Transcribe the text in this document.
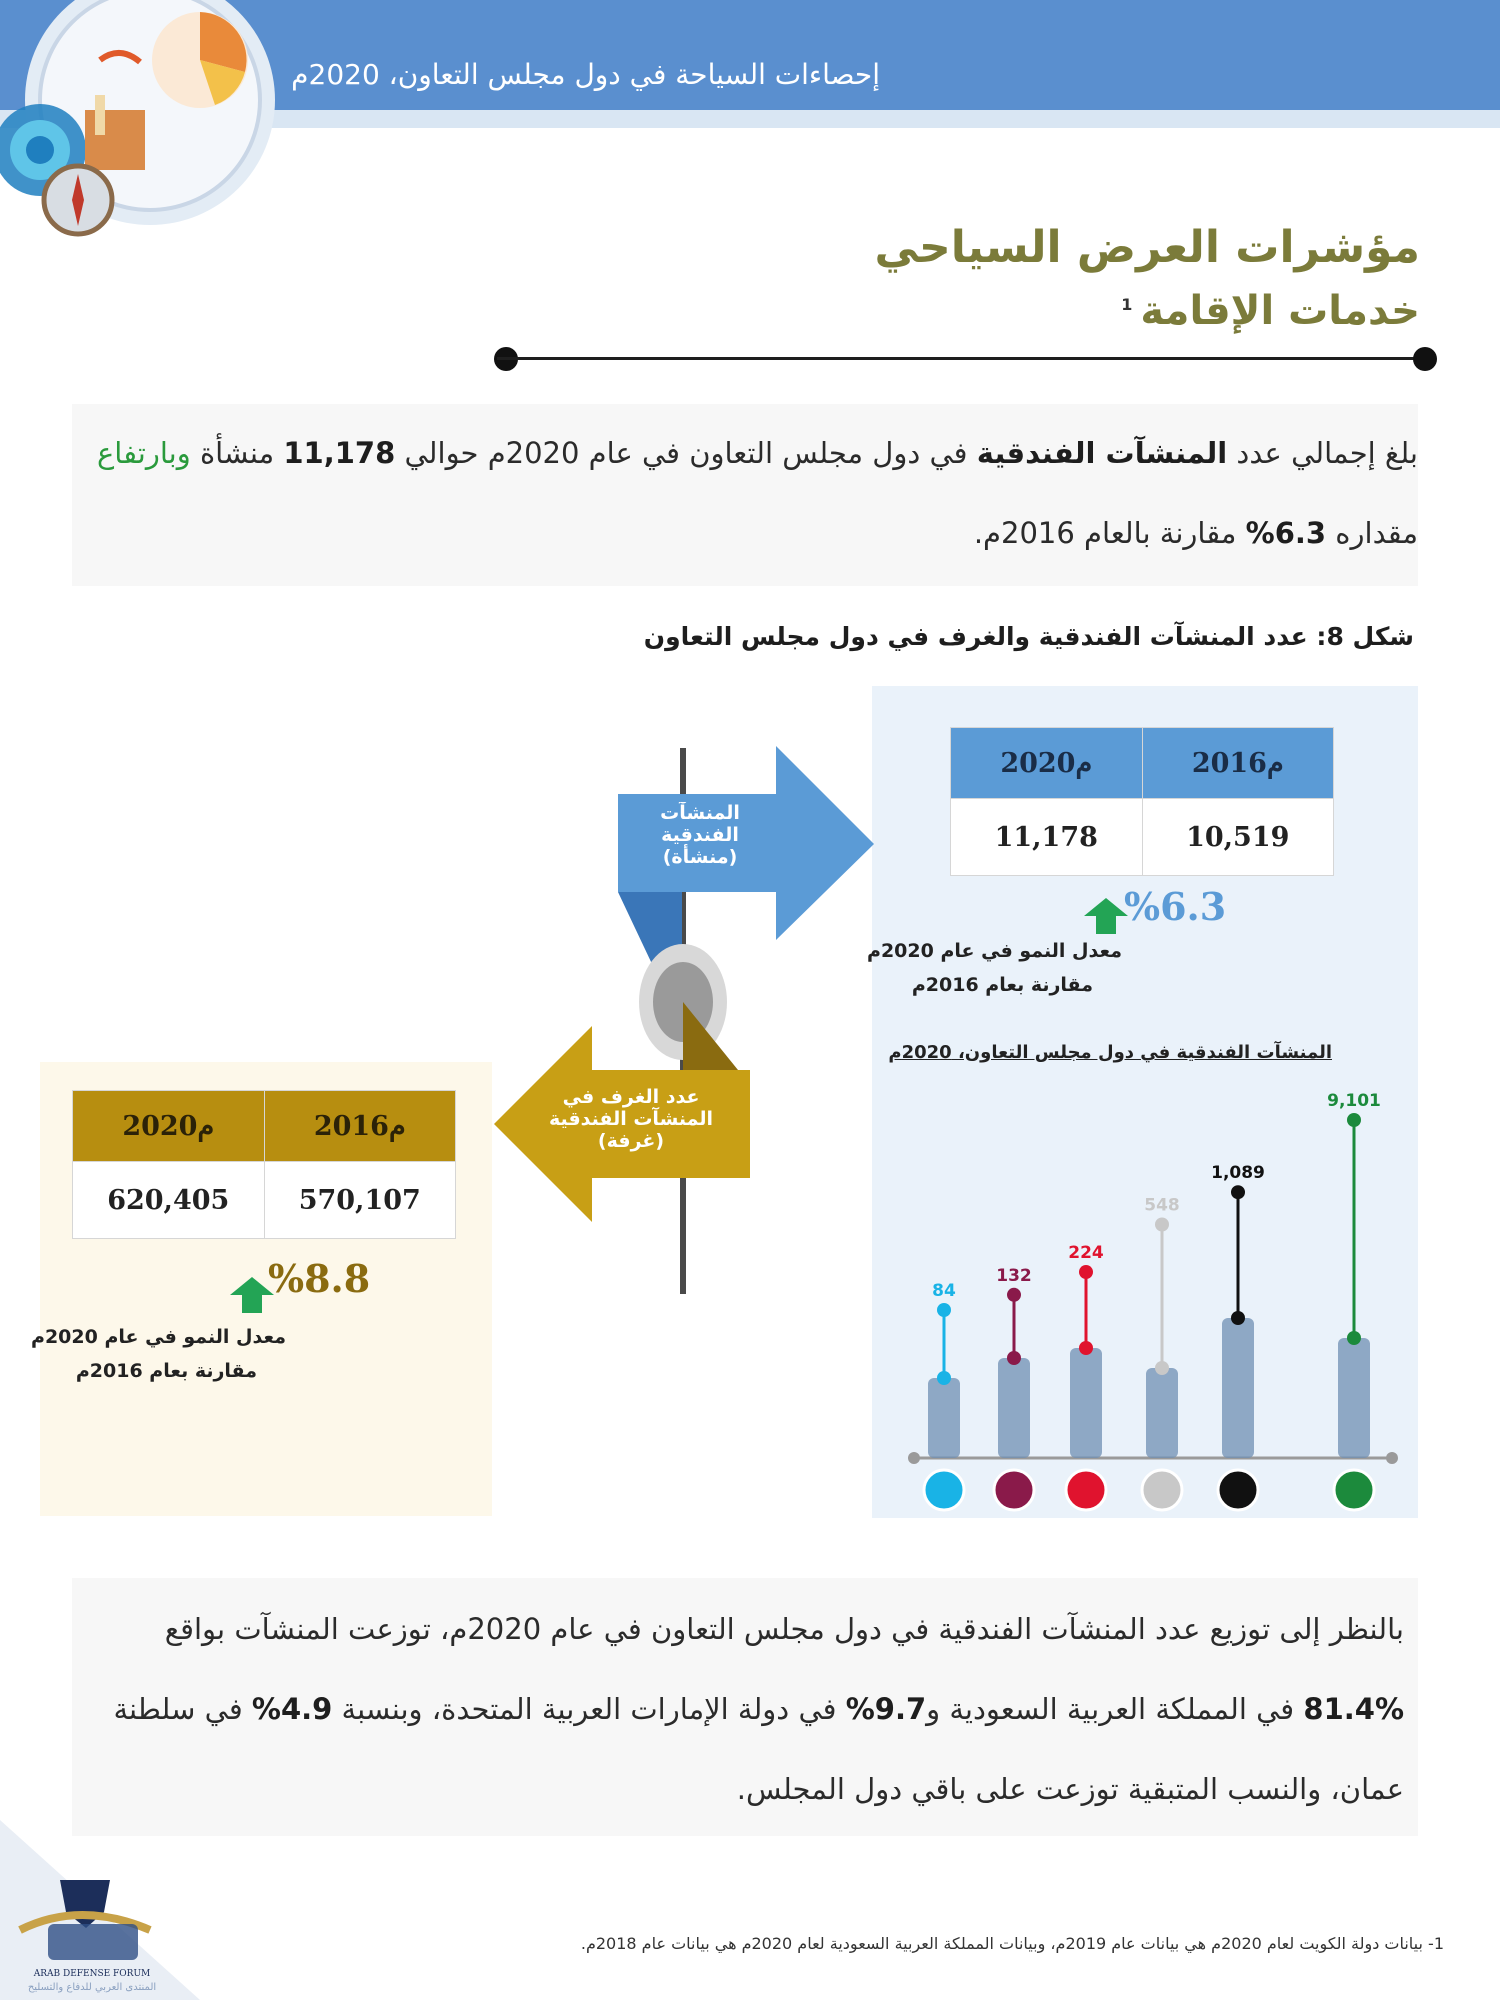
إحصاءات السياحة في دول مجلس التعاون، 2020م
مؤشرات العرض السياحي
خدمات الإقامة$^1$
بلغ إجمالي عدد المنشآت الفندقية في دول مجلس التعاون في عام 2020م حوالي 11,178 منشأة وبارتفاع
مقداره 6.3% مقارنة بالعام 2016م.
شكل 8: عدد المنشآت الفندقية والغرف في دول مجلس التعاون
2020م	2016م
11,178	10,519
%6.3
معدل النمو في عام 2020م
مقارنة بعام 2016م
المنشآت الفندقية في دول مجلس التعاون، 2020م
84
132
224
548
1,089
9,101
2020م	2016م
620,405	570,107
%8.8
معدل النمو في عام 2020م
مقارنة بعام 2016م
المنشآت
الفندقية
(منشأة)
عدد الغرف في
المنشآت الفندقية
(غرفة)
بالنظر إلى توزيع عدد المنشآت الفندقية في دول مجلس التعاون في عام 2020م، توزعت المنشآت بواقع
81.4% في المملكة العربية السعودية و9.7% في دولة الإمارات العربية المتحدة، وبنسبة 4.9% في سلطنة
عمان، والنسب المتبقية توزعت على باقي دول المجلس.
1- بيانات دولة الكويت لعام 2020م هي بيانات عام 2019م، وبيانات المملكة العربية السعودية لعام 2020م هي بيانات عام 2018م.
ARAB DEFENSE FORUM
المنتدى العربي للدفاع والتسليح
